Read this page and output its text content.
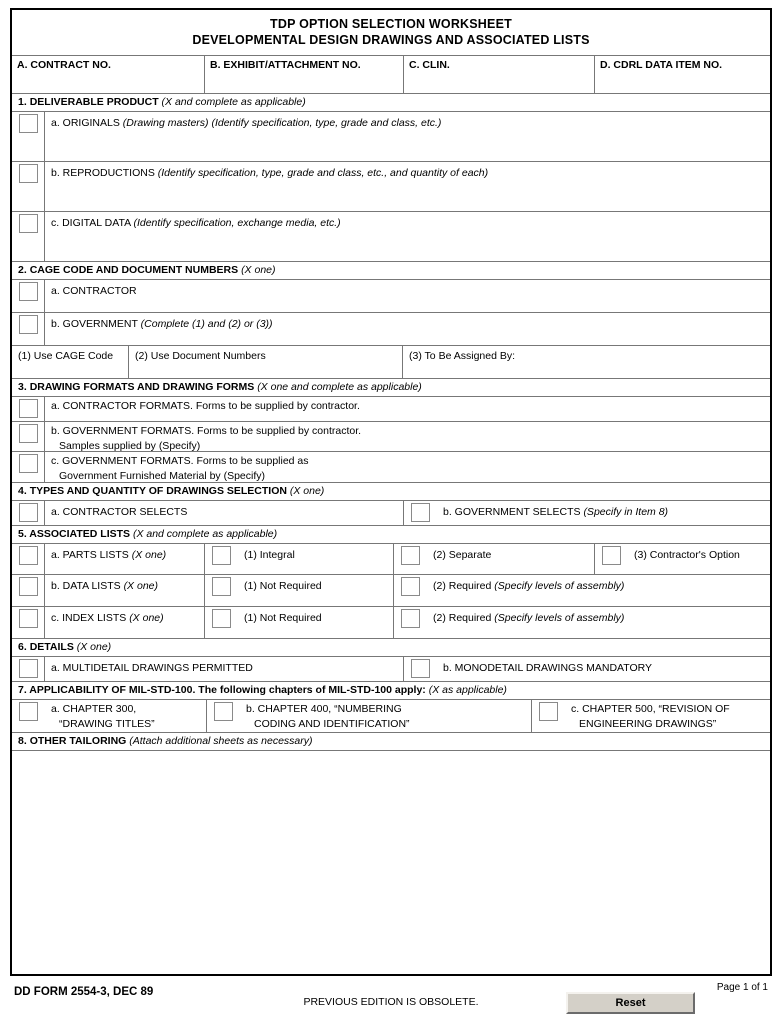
TDP OPTION SELECTION WORKSHEET
DEVELOPMENTAL DESIGN DRAWINGS AND ASSOCIATED LISTS
A. CONTRACT NO.	B. EXHIBIT/ATTACHMENT NO.	C. CLIN.	D. CDRL DATA ITEM NO.
1. DELIVERABLE PRODUCT (X and complete as applicable)
a. ORIGINALS (Drawing masters) (Identify specification, type, grade and class, etc.)
b. REPRODUCTIONS (Identify specification, type, grade and class, etc., and quantity of each)
c. DIGITAL DATA (Identify specification, exchange media, etc.)
2. CAGE CODE AND DOCUMENT NUMBERS (X one)
a. CONTRACTOR
b. GOVERNMENT (Complete (1) and (2) or (3))
(1) Use CAGE Code	(2) Use Document Numbers	(3) To Be Assigned By:
3. DRAWING FORMATS AND DRAWING FORMS (X one and complete as applicable)
a. CONTRACTOR FORMATS. Forms to be supplied by contractor.
b. GOVERNMENT FORMATS. Forms to be supplied by contractor.
Samples supplied by (Specify)
c. GOVERNMENT FORMATS. Forms to be supplied as
Government Furnished Material by (Specify)
4. TYPES AND QUANTITY OF DRAWINGS SELECTION (X one)
a. CONTRACTOR SELECTS	b. GOVERNMENT SELECTS (Specify in Item 8)
5. ASSOCIATED LISTS (X and complete as applicable)
a. PARTS LISTS (X one)	(1) Integral	(2) Separate	(3) Contractor's Option
b. DATA LISTS (X one)	(1) Not Required	(2) Required (Specify levels of assembly)
c. INDEX LISTS (X one)	(1) Not Required	(2) Required (Specify levels of assembly)
6. DETAILS (X one)
a. MULTIDETAIL DRAWINGS PERMITTED	b. MONODETAIL DRAWINGS MANDATORY
7. APPLICABILITY OF MIL-STD-100. The following chapters of MIL-STD-100 apply: (X as applicable)
a. CHAPTER 300,
“DRAWING TITLES”
b. CHAPTER 400, “NUMBERING
CODING AND IDENTIFICATION”
c. CHAPTER 500, “REVISION OF
ENGINEERING DRAWINGS”
8. OTHER TAILORING (Attach additional sheets as necessary)
DD FORM 2554-3, DEC 89
PREVIOUS EDITION IS OBSOLETE.
Page 1 of 1
Reset
